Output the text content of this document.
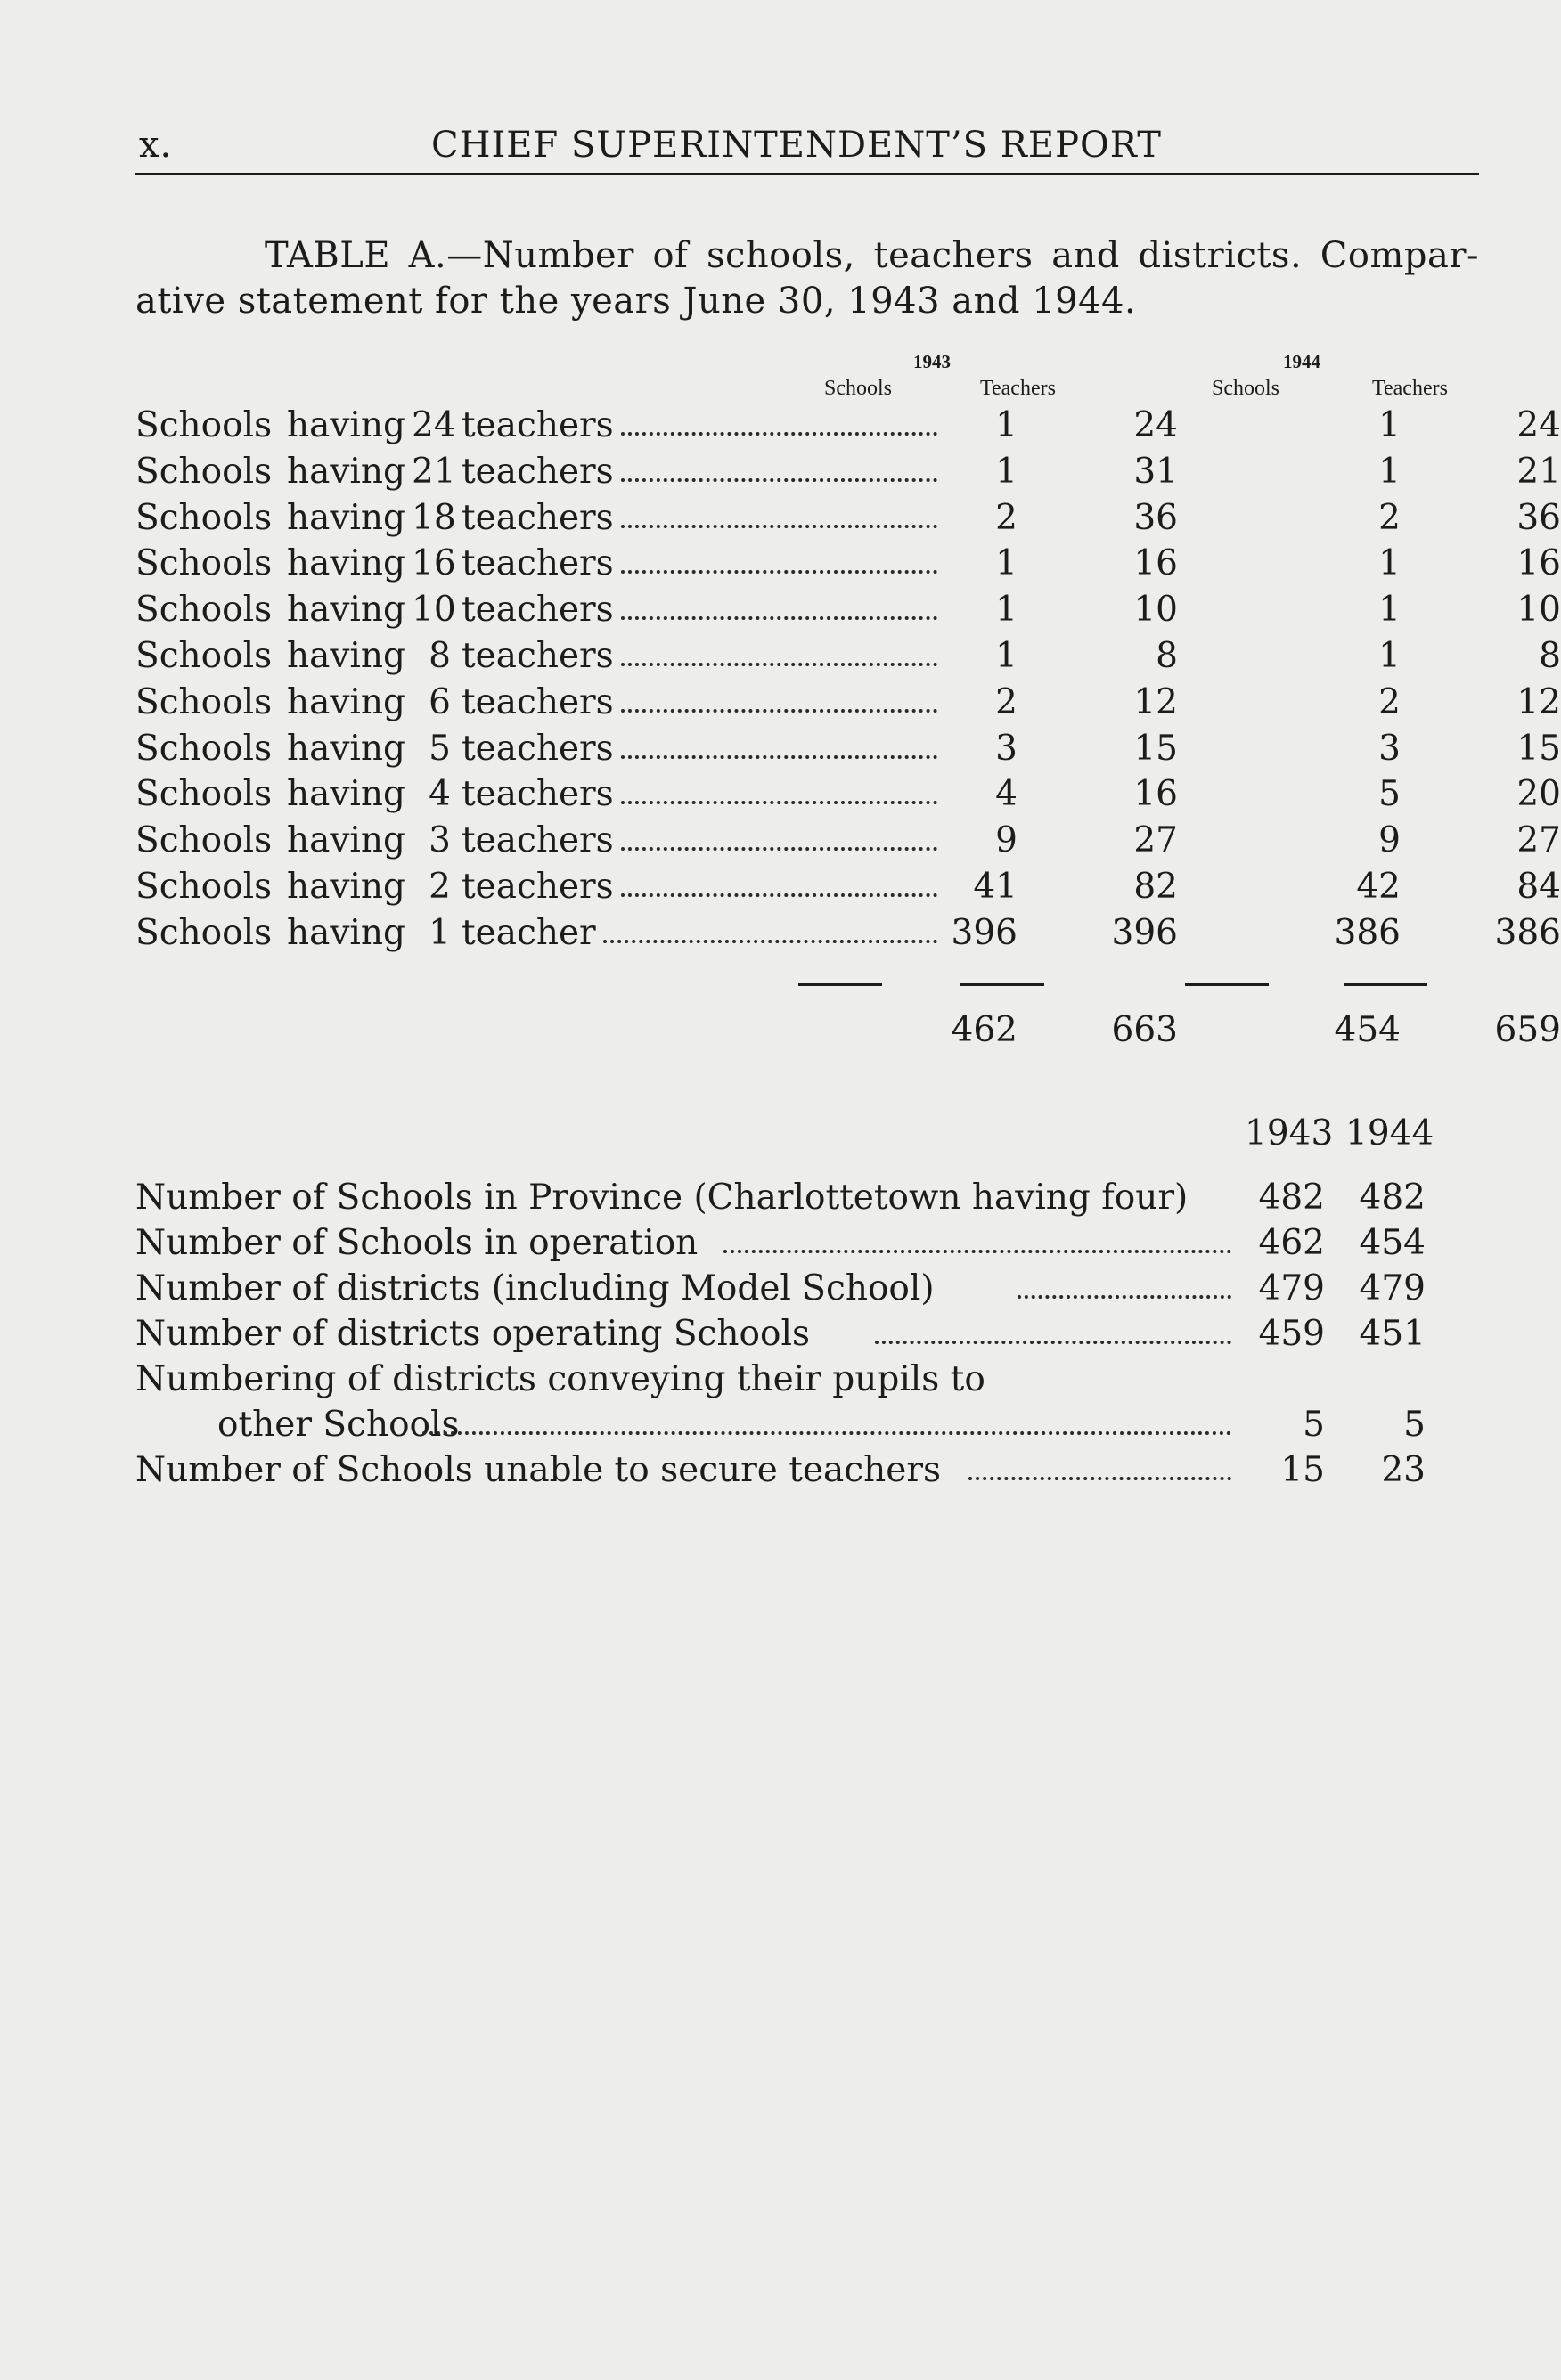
x.	CHIEF SUPERINTENDENT’S REPORT
TABLE A.—Number of schools, teachers and districts. Compar-
ative statement for the years June 30, 1943 and 1944.
1943	1944
Schools	Teachers	Schools	Teachers
Schools having 24 teachers	1	24	1	24
Schools having 21 teachers	1	31	1	21
Schools having 18 teachers	2	36	2	36
Schools having 16 teachers	1	16	1	16
Schools having 10 teachers	1	10	1	10
Schools having 8 teachers	1	8	1	8
Schools having 6 teachers	2	12	2	12
Schools having 5 teachers	3	15	3	15
Schools having 4 teachers	4	16	5	20
Schools having 3 teachers	9	27	9	27
Schools having 2 teachers	41	82	42	84
Schools having 1 teacher	396	396	386	386
462	663	454	659
1943 1944
Number of Schools in Province (Charlottetown having four)	482 482
Number of Schools in operation	462 454
Number of districts (including Model School)	479 479
Number of districts operating Schools	459 451
Numbering of districts conveying their pupils to
other Schools	5	5
Number of Schools unable to secure teachers	15	23
